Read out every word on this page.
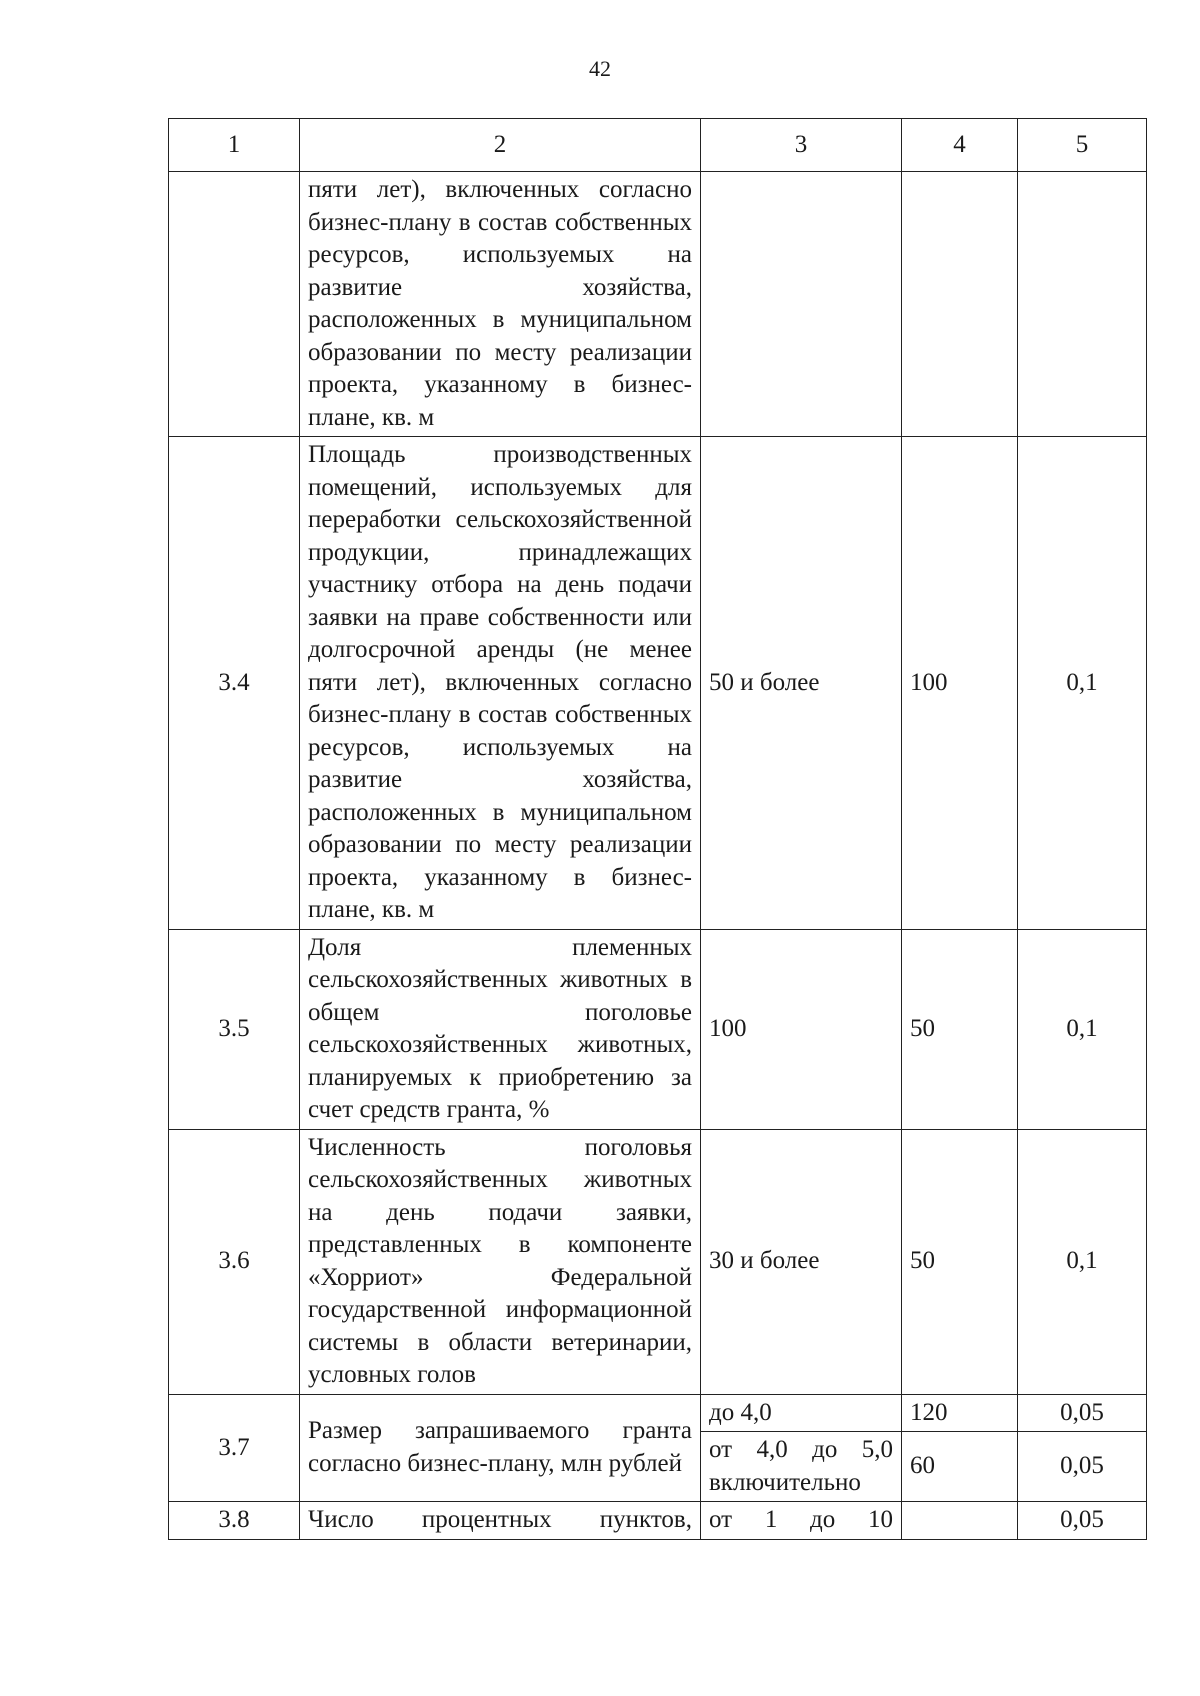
42
1	2	3	4	5
	пяти лет), включенных согласно бизнес-плану в состав собственных ресурсов, используемых на развитие хозяйства, расположенных в муниципальном образовании по месту реализации проекта, указанному в бизнес-плане, кв. м			
3.4	Площадь производственных помещений, используемых для переработки сельскохозяйственной продукции, принадлежащих участнику отбора на день подачи заявки на праве собственности или долгосрочной аренды (не менее пяти лет), включенных согласно бизнес-плану в состав собственных ресурсов, используемых на развитие хозяйства, расположенных в муниципальном образовании по месту реализации проекта, указанному в бизнес-плане, кв. м	50 и более	100	0,1
3.5	Доля племенных сельскохозяйственных животных в общем поголовье сельскохозяйственных животных, планируемых к приобретению за счет средств гранта, %	100	50	0,1
3.6	Численность поголовья сельскохозяйственных животных на день подачи заявки, представленных в компоненте «Хорриот» Федеральной государственной информационной системы в области ветеринарии, условных голов	30 и более	50	0,1
3.7	Размер запрашиваемого гранта согласно бизнес-плану, млн рублей	до 4,0	120	0,05
		от 4,0 до 5,0 включительно	60	0,05
3.8	Число процентных пунктов,	от 1 до 10		0,05
